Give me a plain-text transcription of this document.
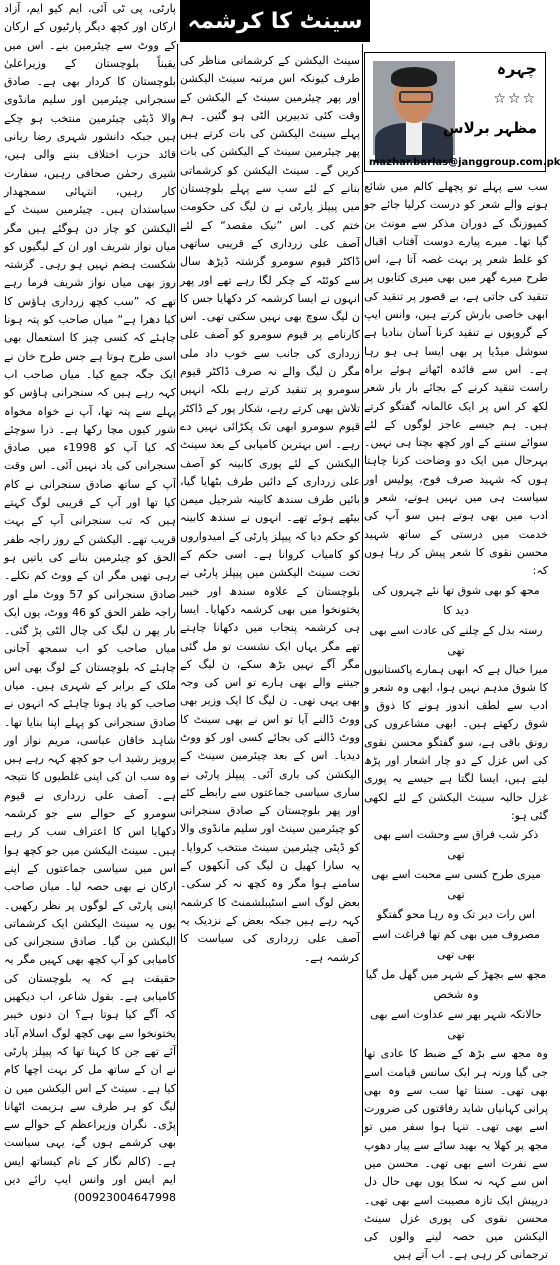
سینٹ کا کرشمہ
چہرہ
☆☆☆
مظہر برلاس
mazhar.barlas@janggroup.com.pk
سب سے پہلے تو پچھلے کالم میں شائع ہونے والے شعر کو درست کرلیا جائے جو کمپوزنگ کے دوران مذکر سے مونث بن گیا تھا۔ میرے پیارے دوست آفتاب اقبال کو غلط شعر پر بہت غصہ آتا ہے، اس طرح میرے گھر میں بھی میری کتابوں پر تنقید کی جاتی ہے، بے قصور پر تنقید کی ابھی خاصی بارش کرتے ہیں، وانس ایپ کے گروپوں نے تنقید کرنا آسان بنادیا ہے سوشل میڈیا پر بھی ایسا ہی ہو رہا ہے۔ اس سے فائدہ اٹھاتے ہوئے براہ راست تنقید کرنے کے بجائے بار بار شعر لکھ کر اس پر ایک عالمانہ گفتگو کرتے ہیں۔ ہم جیسے عاجز لوگوں کے لئے سوائے سننے کے اور کچھ بچتا ہی نہیں۔ بہرحال میں ایک دو وضاحت کرنا چاہتا ہوں کہ شہید صرف فوج، پولیس اور سیاست ہی میں نہیں ہوتے، شعر و ادب میں بھی ہوتے ہیں سو آپ کی خدمت میں درستی کے ساتھ شہید محسن نقوی کا شعر پیش کر رہا ہوں کہ:
مجھ کو بھی شوق تھا نئے چہروں کی دید کا
رستہ بدل کے چلنے کی عادت اسے بھی تھی
میرا خیال ہے کہ ابھی ہمارے پاکستانیوں کا شوق مدہم نہیں ہوا، ابھی وہ شعر و ادب سے لطف اندوز ہونے کا ذوق و شوق رکھتے ہیں۔ ابھی مشاعروں کی رونق باقی ہے، سو گفتگو محسن نقوی کی اس غزل کے دو چار اشعار اور پڑھ لیتے ہیں، ایسا لگتا ہے جیسے یہ پوری غزل حالیہ سینٹ الیکشن کے لئے لکھی گئی ہو:
ذکر شب فراق سے وحشت اسے بھی تھی
میری طرح کسی سے محبت اسے بھی تھی
اس رات دیر تک وہ رہا محو گفتگو
مصروف میں بھی کم تھا فراغت اسے بھی تھی
مجھ سے بچھڑ کے شہر میں گھل مل گیا وہ شخص
حالانکہ شہر بھر سے عداوت اسے بھی تھی
وہ مجھ سے بڑھ کے ضبط کا عادی تھا جی گیا ورنہ ہر ایک سانس قیامت اسے بھی تھی۔ سنتا تھا سب سے وہ بھی پرانی کہانیاں شاید رفاقتوں کی ضرورت اسے بھی تھی۔ تنہا ہوا سفر میں تو مجھ پر کھلا یہ بھید سائے سے پیار دھوپ سے نفرت اسے بھی تھی۔ محسن میں اس سے کہہ نہ سکا یوں بھی حال دل درپیش ایک تازہ مصیبت اسے بھی تھی۔ محسن نقوی کی پوری غزل سینٹ الیکشن میں حصہ لینے والوں کی ترجمانی کر رہی ہے۔ اب آتے ہیں
سینٹ الیکشن کے کرشماتی مناظر کی طرف کیونکہ اس مرتبہ سینٹ الیکشن اور پھر چیئرمین سینٹ کے الیکشن کے وقت کئی تدبیریں الٹی ہو گئیں۔ ہم پہلے سینٹ الیکشن کی بات کرتے ہیں پھر چیئرمین سینٹ کے الیکشن کی بات کریں گے۔ سینٹ الیکشن کو کرشماتی بنانے کے لئے سب سے پہلے بلوچستان میں پیپلز پارٹی نے ن لیگ کی حکومت ختم کی۔ اس ”نیک مقصد“ کے لئے آصف علی زرداری کے قریبی ساتھی ڈاکٹر قیوم سومرو گزشتہ ڈیڑھ سال سے کوئٹہ کے چکر لگا رہے تھے اور پھر انہوں نے ایسا کرشمہ کر دکھایا جس کا ن لیگ سوچ بھی نہیں سکتی تھی۔ اس کارنامے پر قیوم سومرو کو آصف علی زرداری کی جانب سے خوب داد ملی مگر ن لیگ والے نہ صرف ڈاکٹر قیوم سومرو پر تنقید کرتے رہے بلکہ انہیں تلاش بھی کرتے رہے، شکار پور کے ڈاکٹر قیوم سومرو ابھی تک پکڑائی نہیں دے رہے۔ اس بہترین کامیابی کے بعد سینٹ الیکشن کے لئے پوری کابینہ کو آصف علی زرداری کے دائیں طرف بٹھایا گیا، بائیں طرف سندھ کابینہ شرجیل میمن بیٹھے ہوئے تھے۔ انہوں نے سندھ کابینہ کو حکم دیا کہ پیپلز پارٹی کے امیدواروں کو کامیاب کروانا ہے۔ اسی حکم کے تحت سینٹ الیکشن میں پیپلز پارٹی نے بلوچستان کے علاوہ سندھ اور خیبر پختونخوا میں بھی کرشمہ دکھایا۔ ایسا ہی کرشمہ پنجاب میں دکھانا چاہتے تھے مگر یہاں ایک نشست تو مل گئی مگر آگے نہیں بڑھ سکے، ن لیگ کے جیتنے والے بھی ہارے تو اس کی وجہ بھی یہی تھی۔ ن لیگ کا ایک وزیر بھی ووٹ ڈالنے آیا تو اس نے بھی سینٹ کا ووٹ ڈالنے کی بجائے کسی اور کو ووٹ دیدیا۔ اس کے بعد چیئرمین سینٹ کے الیکشن کی باری آئی۔ پیپلز پارٹی نے ساری سیاسی جماعتوں سے رابطے کئے اور پھر بلوچستان کے صادق سنجرانی کو چیئرمین سینٹ اور سلیم مانڈوی والا کو ڈپٹی چیئرمین سینٹ منتخب کروایا۔ یہ سارا کھیل ن لیگ کی آنکھوں کے سامنے ہوا مگر وہ کچھ نہ کر سکی۔ بعض لوگ اسے اسٹیبلشمنٹ کا کرشمہ کہہ رہے ہیں جبکہ بعض کے نزدیک یہ آصف علی زرداری کی سیاست کا کرشمہ ہے۔
پارٹی، پی ٹی آئی، ایم کیو ایم، آزاد ارکان اور کچھ دیگر پارٹیوں کے ارکان کے ووٹ سے چیئرمین بنے۔ اس میں یقیناً بلوچستان کے وزیراعلیٰ بلوچستان کا کردار بھی ہے۔ صادق سنجرانی چیئرمین اور سلیم مانڈوی والا ڈپٹی چیئرمین منتخب ہو چکے ہیں جبکہ دانشور شہری رضا ربانی قائد حزب اختلاف بننے والی ہیں، شیری رحمٰن صحافی رہیں، سفارت کار رہیں، انتہائی سمجھدار سیاستدان ہیں۔ چیئرمین سینٹ کے الیکشن کو چار دن ہوگئے ہیں مگر میاں نواز شریف اور ان کے لیگیوں کو شکست ہضم نہیں ہو رہی۔ گزشتہ روز بھی میاں نواز شریف فرما رہے تھے کہ ”سب کچھ زرداری ہاؤس کا کیا دھرا ہے“ میاں صاحب کو پتہ ہونا چاہئے کہ کسی چیز کا استعمال بھی اسی طرح ہوتا ہے جس طرح خان نے ایک جگہ جمع کیا۔ میاں صاحب اب کہہ رہے ہیں کہ سنجرانی ہاؤس کو پہلے سے پتہ تھا، آپ نے خواہ مخواہ شور کیوں مچا رکھا ہے۔ ذرا سوچئے کہ کیا آپ کو 1998ء میں صادق سنجرانی کی یاد نہیں آئی۔ اس وقت آپ کے ساتھ صادق سنجرانی نے کام کیا تھا اور آپ کے قریبی لوگ کہتے ہیں کہ تب سنجرانی آپ کے بہت قریب تھے۔ الیکشن کے روز راجہ ظفر الحق کو چیئرمین بنانے کی باتیں ہو رہی تھیں مگر ان کے ووٹ کم نکلے۔ صادق سنجرانی کو 57 ووٹ ملے اور راجہ ظفر الحق کو 46 ووٹ، یوں ایک بار پھر ن لیگ کی چال الٹی پڑ گئی۔ میاں صاحب کو اب سمجھ آجانی چاہئے کہ بلوچستان کے لوگ بھی اس ملک کے برابر کے شہری ہیں۔ میاں صاحب کو یاد ہونا چاہئے کہ انہوں نے صادق سنجرانی کو پہلے اپنا بنایا تھا۔ شاہد خاقان عباسی، مریم نواز اور پرویز رشید اب جو کچھ کہہ رہے ہیں وہ سب ان کی اپنی غلطیوں کا نتیجہ ہے۔ آصف علی زرداری نے قیوم سومرو کے حوالے سے جو کرشمہ دکھایا اس کا اعتراف سب کر رہے ہیں۔ سینٹ الیکشن میں جو کچھ ہوا اس میں سیاسی جماعتوں کے اپنے ارکان نے بھی حصہ لیا۔ میاں صاحب اپنی پارٹی کے لوگوں پر نظر رکھیں۔ یوں یہ سینٹ الیکشن ایک کرشماتی الیکشن بن گیا۔ صادق سنجرانی کی کامیابی کو آپ کچھ بھی کہیں مگر یہ حقیقت ہے کہ یہ بلوچستان کی کامیابی ہے۔ بقول شاعر، اب دیکھیں کہ آگے کیا ہوتا ہے؟ ان دنوں خیبر پختونخوا سے بھی کچھ لوگ اسلام آباد آئے تھے جن کا کہنا تھا کہ پیپلز پارٹی نے ان کے ساتھ مل کر بہت اچھا کام کیا ہے۔ سینٹ کے اس الیکشن میں ن لیگ کو ہر طرف سے ہزیمت اٹھانا پڑی۔ نگران وزیراعظم کے حوالے سے بھی کرشمے ہوں گے، یہی سیاست ہے۔ (کالم نگار کے نام کیساتھ ایس ایم ایس اور وانس ایپ رائے دیں 00923004647998)
